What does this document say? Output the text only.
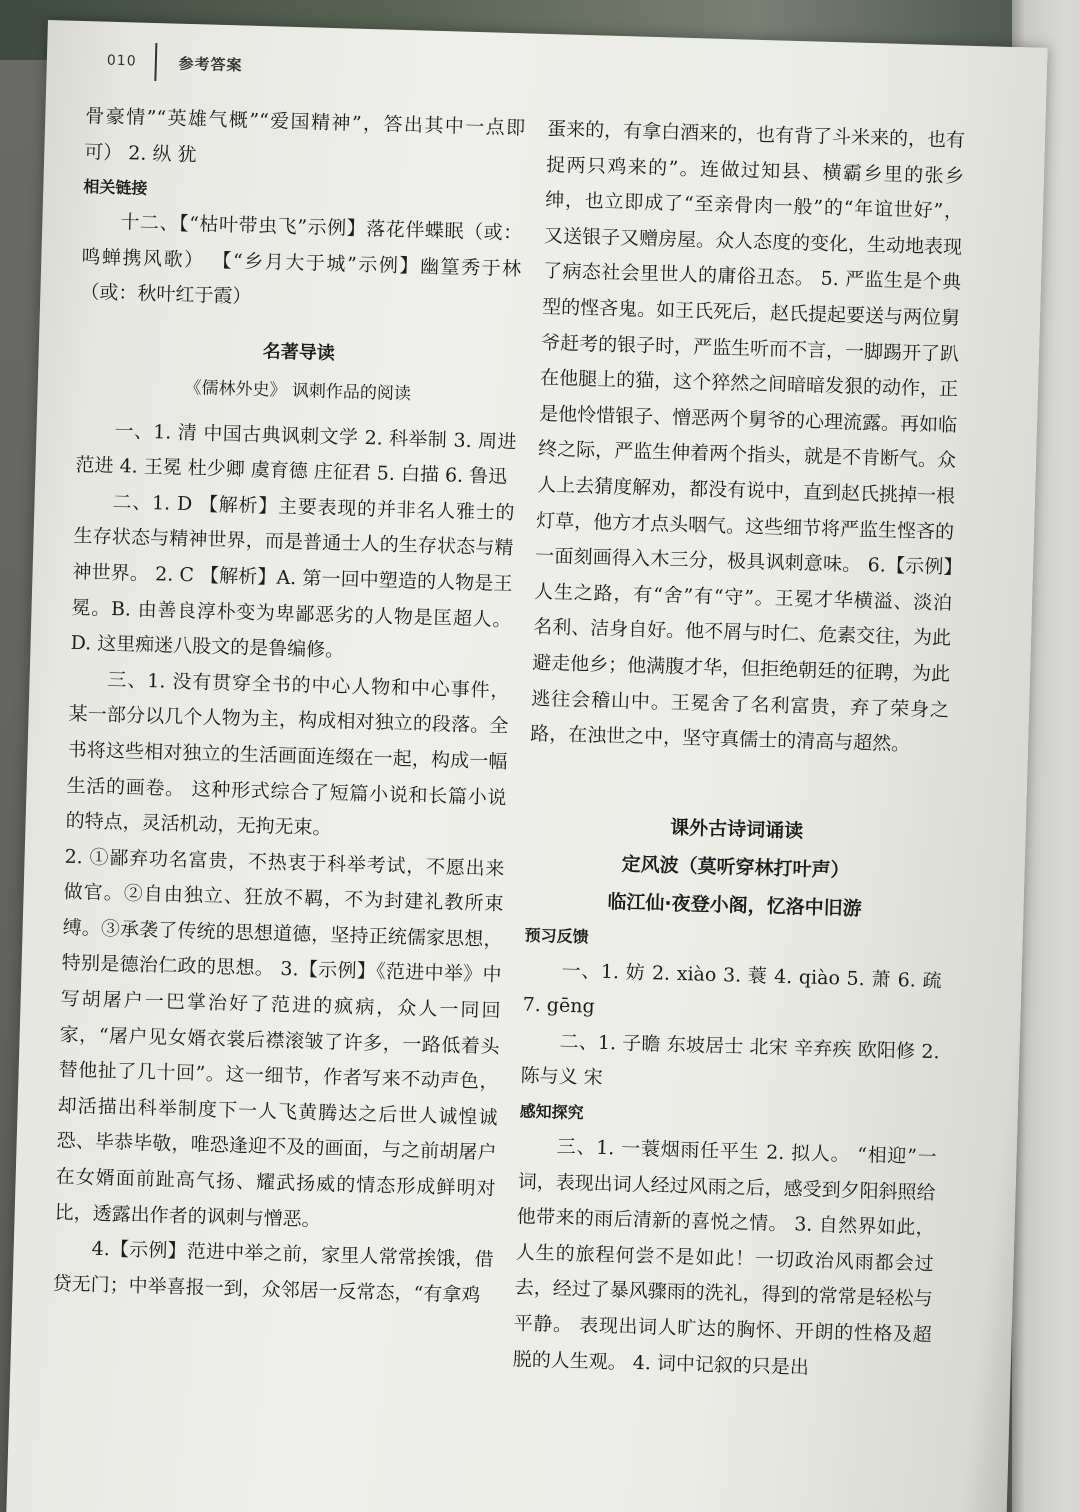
010	参考答案

骨豪情”“英雄气概”“爱国精神”，答出其中一点即可） 2. 纵 犹

相关链接

十二、【“枯叶带虫飞”示例】落花伴蝶眠（或：鸣蝉携风歌） 【“乡月大于城”示例】幽篁秀于林（或：秋叶红于霞）

名著导读

《儒林外史》 讽刺作品的阅读

一、1. 清 中国古典讽刺文学 2. 科举制 3. 周进 范进 4. 王冕 杜少卿 虞育德 庄征君 5. 白描 6. 鲁迅

二、1. D 【解析】主要表现的并非名人雅士的生存状态与精神世界，而是普通士人的生存状态与精神世界。 2. C 【解析】A. 第一回中塑造的人物是王冕。B. 由善良淳朴变为卑鄙恶劣的人物是匡超人。D. 这里痴迷八股文的是鲁编修。

三、1. 没有贯穿全书的中心人物和中心事件，某一部分以几个人物为主，构成相对独立的段落。全书将这些相对独立的生活画面连缀在一起，构成一幅生活的画卷。 这种形式综合了短篇小说和长篇小说的特点，灵活机动，无拘无束。

2. ①鄙弃功名富贵，不热衷于科举考试，不愿出来做官。②自由独立、狂放不羁，不为封建礼教所束缚。③承袭了传统的思想道德，坚持正统儒家思想，特别是德治仁政的思想。 3.【示例】《范进中举》中写胡屠户一巴掌治好了范进的疯病，众人一同回家，“屠户见女婿衣裳后襟滚皱了许多，一路低着头替他扯了几十回”。这一细节，作者写来不动声色，却活描出科举制度下一人飞黄腾达之后世人诚惶诚恐、毕恭毕敬，唯恐逢迎不及的画面，与之前胡屠户在女婿面前趾高气扬、耀武扬威的情态形成鲜明对比，透露出作者的讽刺与憎恶。

4.【示例】范进中举之前，家里人常常挨饿，借贷无门；中举喜报一到，众邻居一反常态，“有拿鸡

蛋来的，有拿白酒来的，也有背了斗米来的，也有捉两只鸡来的”。连做过知县、横霸乡里的张乡绅，也立即成了“至亲骨肉一般”的“年谊世好”，又送银子又赠房屋。众人态度的变化，生动地表现了病态社会里世人的庸俗丑态。 5. 严监生是个典型的悭吝鬼。如王氏死后，赵氏提起要送与两位舅爷赶考的银子时，严监生听而不言，一脚踢开了趴在他腿上的猫，这个猝然之间暗暗发狠的动作，正是他怜惜银子、憎恶两个舅爷的心理流露。再如临终之际，严监生伸着两个指头，就是不肯断气。众人上去猜度解劝，都没有说中，直到赵氏挑掉一根灯草，他方才点头咽气。这些细节将严监生悭吝的一面刻画得入木三分，极具讽刺意味。 6.【示例】人生之路，有“舍”有“守”。王冕才华横溢、淡泊名利、洁身自好。他不屑与时仁、危素交往，为此避走他乡；他满腹才华，但拒绝朝廷的征聘，为此逃往会稽山中。王冕舍了名利富贵，弃了荣身之路，在浊世之中，坚守真儒士的清高与超然。

课外古诗词诵读

定风波（莫听穿林打叶声）

临江仙·夜登小阁，忆洛中旧游

预习反馈

一、1. 妨 2. xiào 3. 蓑 4. qiào 5. 萧 6. 疏 7. gēng

二、1. 子瞻 东坡居士 北宋 辛弃疾 欧阳修 2. 陈与义 宋

感知探究

三、1. 一蓑烟雨任平生 2. 拟人。 “相迎”一词，表现出词人经过风雨之后，感受到夕阳斜照给他带来的雨后清新的喜悦之情。 3. 自然界如此，人生的旅程何尝不是如此！一切政治风雨都会过去，经过了暴风骤雨的洗礼，得到的常常是轻松与平静。 表现出词人旷达的胸怀、开朗的性格及超脱的人生观。 4. 词中记叙的只是出
